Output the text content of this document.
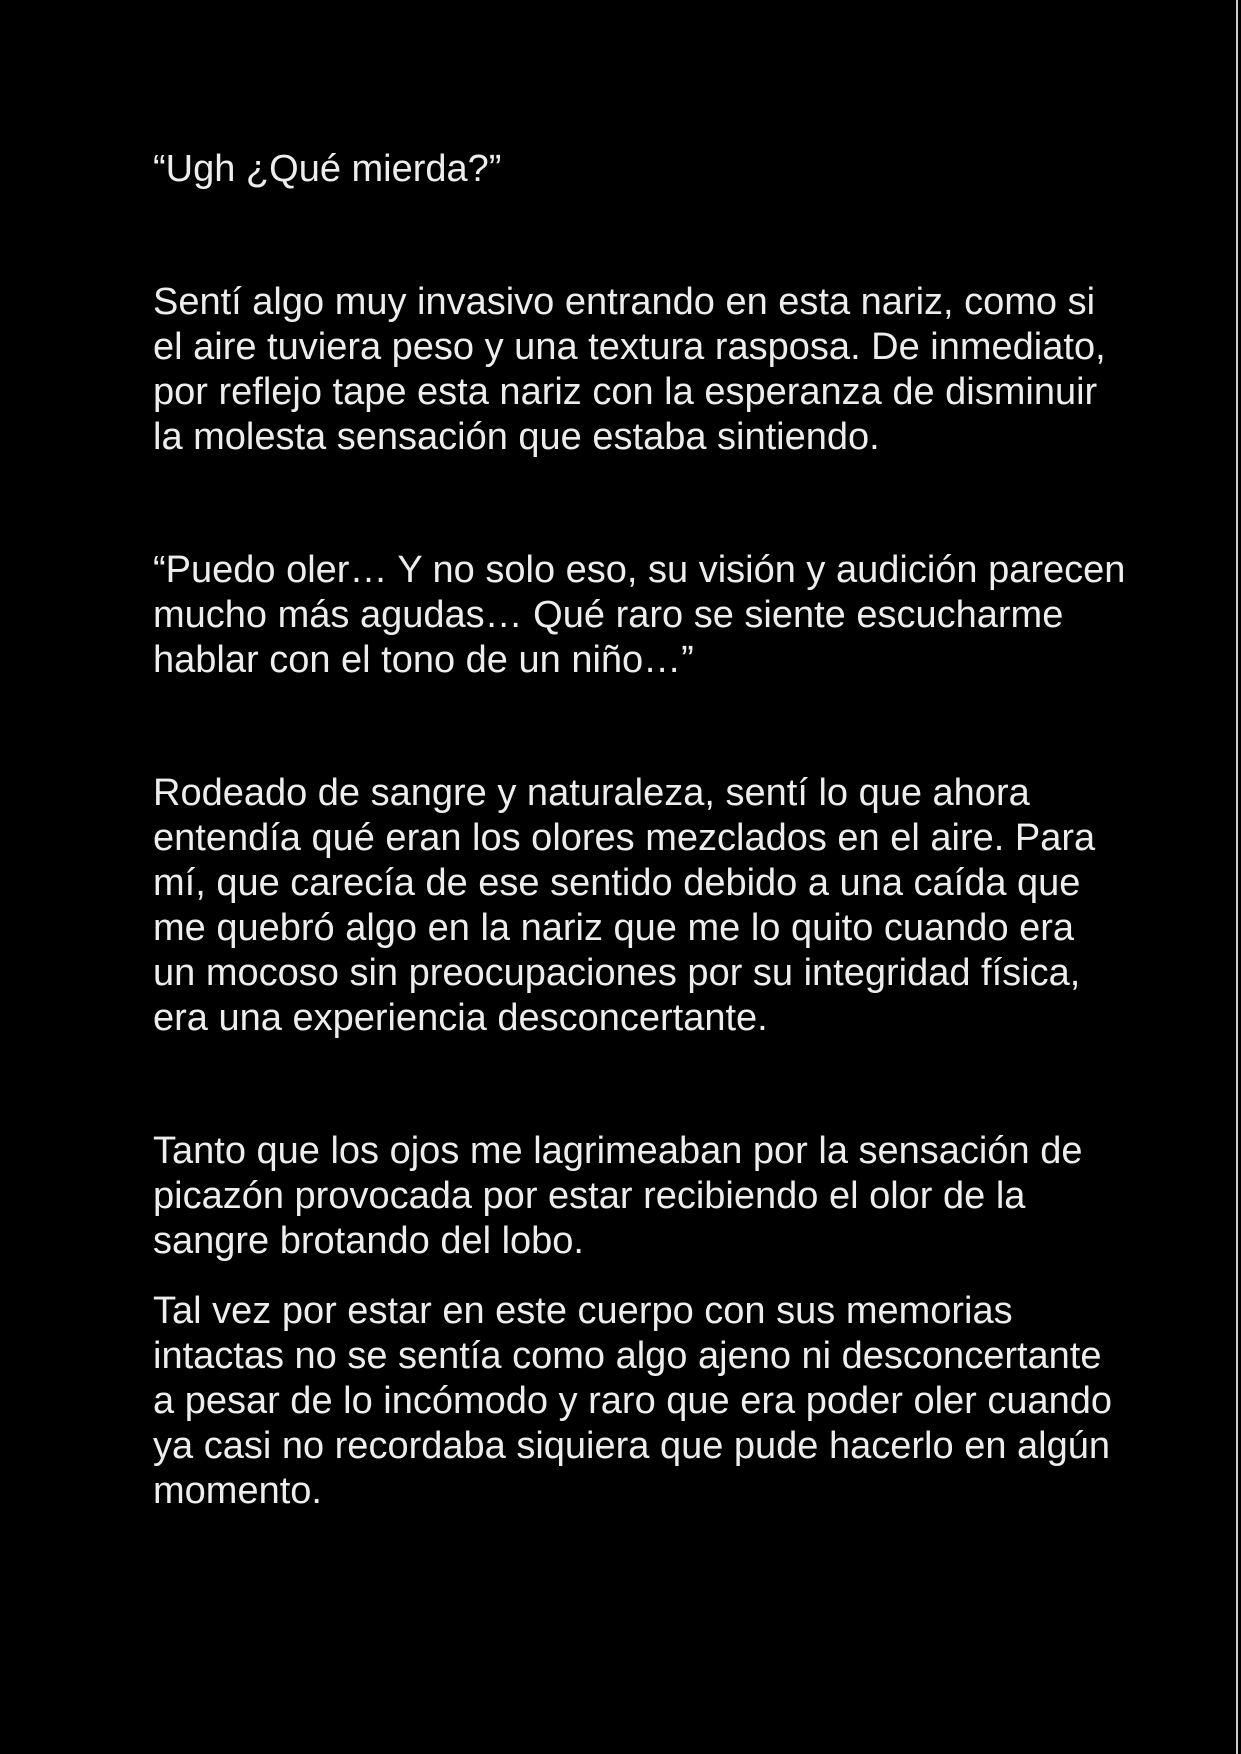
“Ugh ¿Qué mierda?”
Sentí algo muy invasivo entrando en esta nariz, como si
el aire tuviera peso y una textura rasposa. De inmediato,
por reflejo tape esta nariz con la esperanza de disminuir
la molesta sensación que estaba sintiendo.
“Puedo oler… Y no solo eso, su visión y audición parecen
mucho más agudas… Qué raro se siente escucharme
hablar con el tono de un niño…”
Rodeado de sangre y naturaleza, sentí lo que ahora
entendía qué eran los olores mezclados en el aire. Para
mí, que carecía de ese sentido debido a una caída que
me quebró algo en la nariz que me lo quito cuando era
un mocoso sin preocupaciones por su integridad física,
era una experiencia desconcertante.
Tanto que los ojos me lagrimeaban por la sensación de
picazón provocada por estar recibiendo el olor de la
sangre brotando del lobo.
Tal vez por estar en este cuerpo con sus memorias
intactas no se sentía como algo ajeno ni desconcertante
a pesar de lo incómodo y raro que era poder oler cuando
ya casi no recordaba siquiera que pude hacerlo en algún
momento.
